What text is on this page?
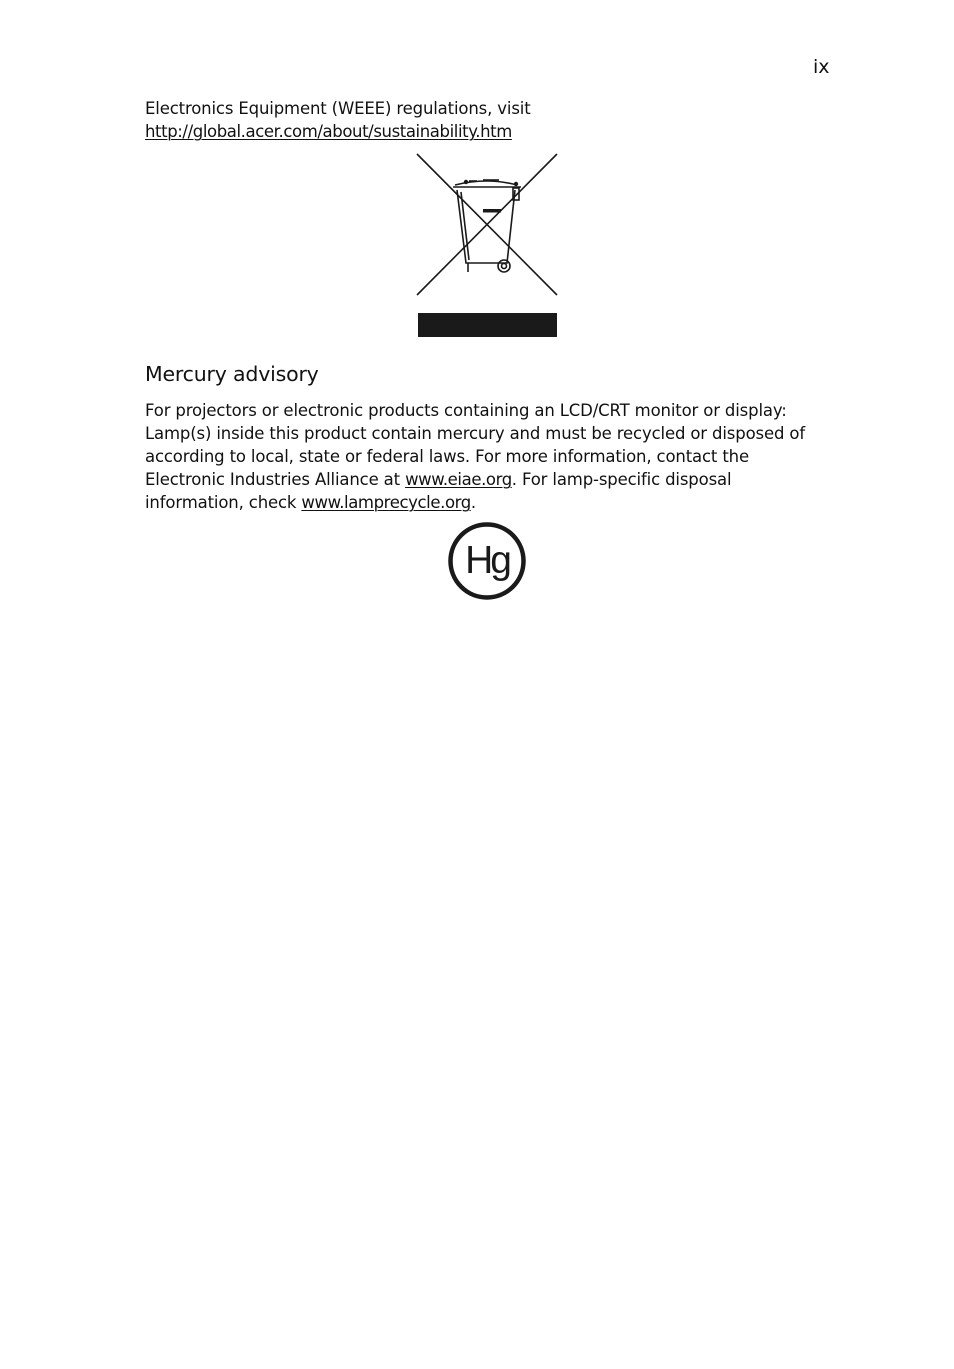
ix
Electronics Equipment (WEEE) regulations, visit
http://global.acer.com/about/sustainability.htm
Mercury advisory
For projectors or electronic products containing an LCD/CRT monitor or display:
Lamp(s) inside this product contain mercury and must be recycled or disposed of
according to local, state or federal laws. For more information, contact the
Electronic Industries Alliance at www.eiae.org. For lamp-specific disposal
information, check www.lamprecycle.org.
Hg
